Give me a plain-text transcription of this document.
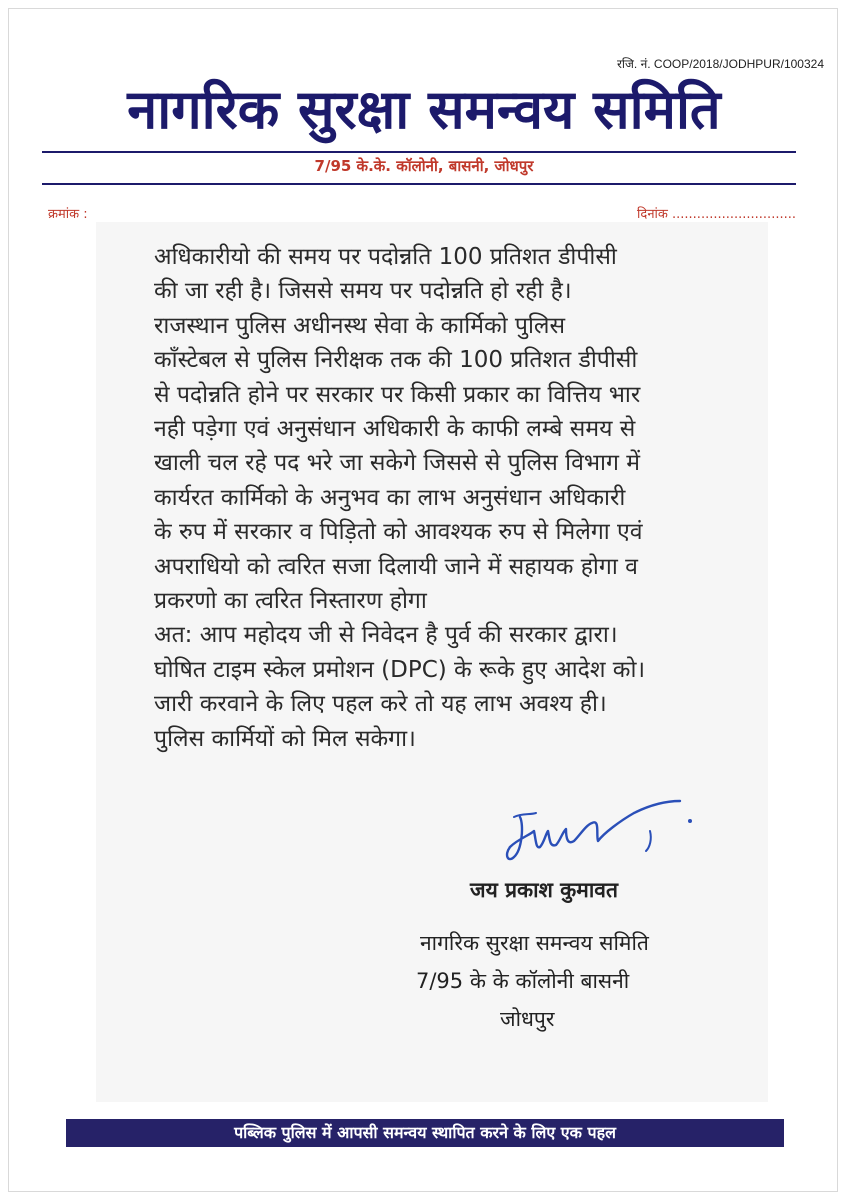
रजि. नं. COOP/2018/JODHPUR/100324
नागरिक सुरक्षा समन्वय समिति
7/95 के.के. कॉलोनी, बासनी, जोधपुर
क्रमांक :	दिनांक ..............................
अधिकारीयो की समय पर पदोन्नति 100 प्रतिशत डीपीसी
की जा रही है। जिससे समय पर पदोन्नति हो रही है।
राजस्थान पुलिस अधीनस्थ सेवा के कार्मिको पुलिस
काँस्टेबल से पुलिस निरीक्षक तक की 100 प्रतिशत डीपीसी
से पदोन्नति होने पर सरकार पर किसी प्रकार का वित्तिय भार
नही पड़ेगा एवं अनुसंधान अधिकारी के काफी लम्बे समय से
खाली चल रहे पद भरे जा सकेगे जिससे से पुलिस विभाग में
कार्यरत कार्मिको के अनुभव का लाभ अनुसंधान अधिकारी
के रुप में सरकार व पिड़ितो को आवश्यक रुप से मिलेगा एवं
अपराधियो को त्वरित सजा दिलायी जाने में सहायक होगा व
प्रकरणो का त्वरित निस्तारण होगा
अत: आप महोदय जी से निवेदन है पुर्व की सरकार द्वारा।
घोषित टाइम स्केल प्रमोशन (DPC) के रूके हुए आदेश को।
जारी करवाने के लिए पहल करे तो यह लाभ अवश्य ही।
पुलिस कार्मियों को मिल सकेगा।
जय प्रकाश कुमावत
नागरिक सुरक्षा समन्वय समिति
7/95 के के कॉलोनी बासनी
जोधपुर
पब्लिक पुलिस में आपसी समन्वय स्थापित करने के लिए एक पहल
